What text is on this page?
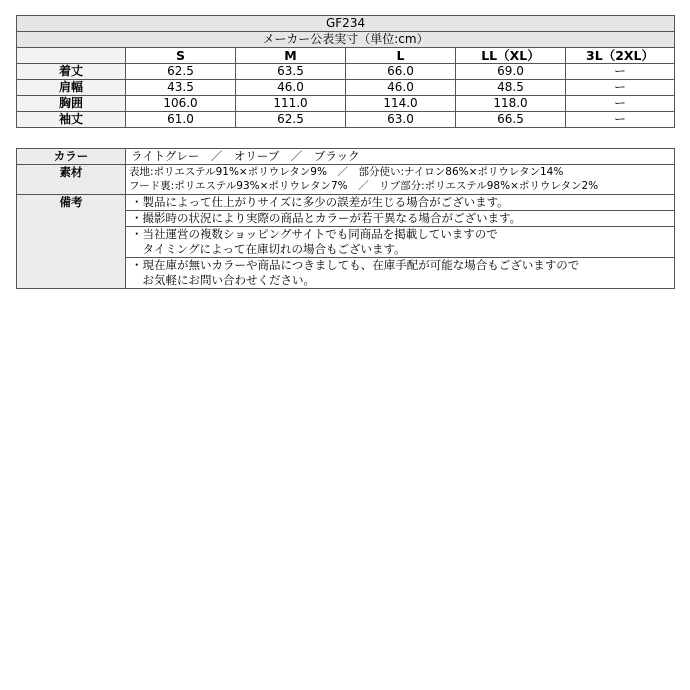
GF234					
メーカー公表実寸（単位:cm）					
	S	M	L	LL（XL）	3L（2XL）
着丈	62.5	63.5	66.0	69.0	ー
肩幅	43.5	46.0	46.0	48.5	ー
胸囲	106.0	111.0	114.0	118.0	ー
袖丈	61.0	62.5	63.0	66.5	ー
カラー	ライトグレー　／　オリーブ　／　ブラック
素材	表地:ポリエステル91%×ポリウレタン9%　／　部分使い:ナイロン86%×ポリウレタン14%
フード裏:ポリエステル93%×ポリウレタン7%　／　リブ部分:ポリエステル98%×ポリウレタン2%

備考	・製品によって仕上がりサイズに多少の誤差が生じる場合がございます。

	・撮影時の状況により実際の商品とカラーが若干異なる場合がございます。

	・当社運営の複数ショッピングサイトでも同商品を掲載していますので
　タイミングによって在庫切れの場合もございます。

	・現在庫が無いカラーや商品につきましても、在庫手配が可能な場合もございますので
　お気軽にお問い合わせください。
